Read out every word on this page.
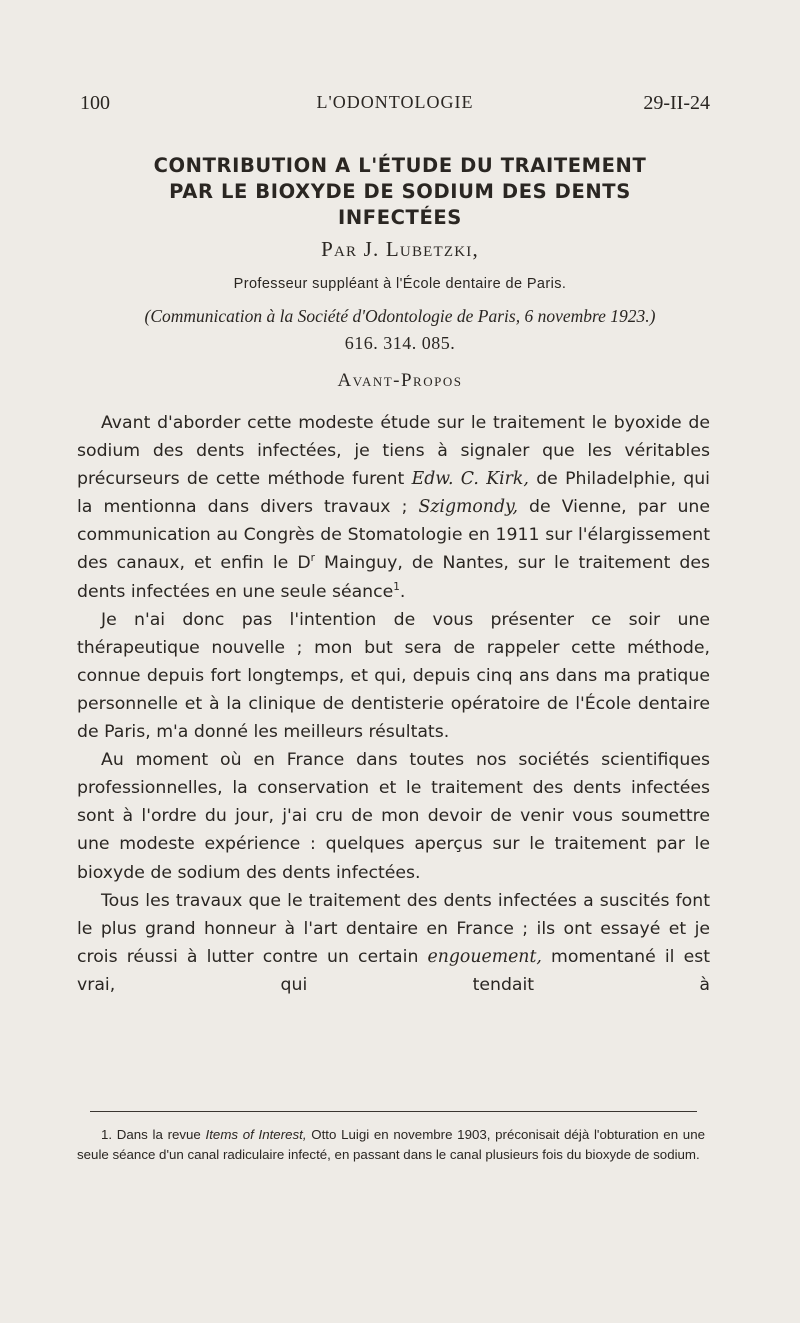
100	L'ODONTOLOGIE	29-II-24
CONTRIBUTION A L'ÉTUDE DU TRAITEMENT
PAR LE BIOXYDE DE SODIUM DES DENTS
INFECTÉES
Par J. Lubetzki,
Professeur suppléant à l'École dentaire de Paris.
(Communication à la Société d'Odontologie de Paris, 6 novembre 1923.)
616. 314. 085.
Avant-Propos

Avant d'aborder cette modeste étude sur le traitement le byoxide de sodium des dents infectées, je tiens à signaler que les véritables précurseurs de cette méthode furent Edw. C. Kirk, de Philadelphie, qui la mentionna dans divers travaux ; Szigmondy, de Vienne, par une communication au Congrès de Stomatologie en 1911 sur l'élargissement des canaux, et enfin le $D^r$ Mainguy, de Nantes, sur le traitement des dents infectées en une seule séance$^1$.

Je n'ai donc pas l'intention de vous présenter ce soir une thérapeutique nouvelle ; mon but sera de rappeler cette méthode, connue depuis fort longtemps, et qui, depuis cinq ans dans ma pratique personnelle et à la clinique de dentisterie opératoire de l'École dentaire de Paris, m'a donné les meilleurs résultats.

Au moment où en France dans toutes nos sociétés scientifiques professionnelles, la conservation et le traitement des dents infectées sont à l'ordre du jour, j'ai cru de mon devoir de venir vous soumettre une modeste expérience : quelques aperçus sur le traitement par le bioxyde de sodium des dents infectées.

Tous les travaux que le traitement des dents infectées a suscités font le plus grand honneur à l'art dentaire en France ; ils ont essayé et je crois réussi à lutter contre un certain engouement, momentané il est vrai, qui tendait à

1. Dans la revue Items of Interest, Otto Luigi en novembre 1903, préconisait déjà l'obturation en une seule séance d'un canal radiculaire infecté, en passant dans le canal plusieurs fois du bioxyde de sodium.
